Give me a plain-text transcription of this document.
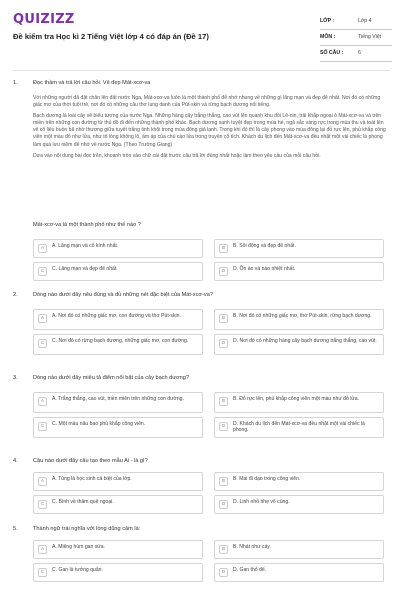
QUIZIZZ
Đề kiểm tra Học kì 2 Tiếng Việt lớp 4 có đáp án (Đề 17)
LỚP :	Lớp 4
MÔN :	Tiếng Việt
SỐ CÂU :	6
1.	Đọc thầm và trả lời câu hỏi. Vẻ đẹp Mát-xcơ-va

Với những người đã đặt chân lên đất nước Nga, Mát-xcơ-va luôn là một thành phố để nhớ nhung về những gì lãng mạn và đẹp đẽ nhất. Nơi đó có những giấc mơ của thời tuổi trẻ, nơi đó có những câu thơ lung danh của Pút-skin và rừng bạch dương nổi tiếng.

Bạch dương là loài cây vẽ biểu tượng của nước Nga. Những hàng cây trắng thẳng, cao vút lên quanh khu đồi Lê-nin, trải khắp ngoại ô Mát-xcơ-va và trên miền trên những con đường từ thủ đô đi đến những thành phố khác. Bạch dương xanh tuyệt đẹp trong mùa hè, ngả sắc vàng rực trong mùa thu và toát lên vẻ cô liêu buồn bã nhờ thương giữa tuyết trắng tinh khôi trong mùa đông giá lạnh. Trong khi đó thì là cây phong vào mùa đông lại đỏ rực lên, phủ khắp công viên một màu đỏ như lửa, như tô lòng không lô, ấm áp của chú cào lửa trong truyện cổ tích. Khách du lịch đến Mát-xcơ-va đều nhật một vài chiếc lá phong làm quà lưu niệm để nhớ về nước Nga. (Theo Trường Giang)

Dựa vào nội dung bài đọc trên, khoanh tròn vào chữ cái đặt trước câu trả lời đúng nhất hoặc làm theo yêu cầu của mỗi câu hỏi.

Mát-xcơ-va là một thành phố như thế nào ?
A	A. Lãng mạn và cổ kính nhất.	B	B. Sôi động và đẹp đẽ nhất.
C	C. Lãng mạn và đẹp đẽ nhất.	D	D. Ồn ào và náo nhiệt nhất.
2.	Dòng nào dưới đây nêu đúng và đủ những nét đặc biệt của Mát-xcơ-va?
A	A. Nơi đó có những giấc mơ, con đường và thơ Pút-skin.	B	B. Nơi đó có những giấc mơ, thơ Pút-skin, rừng bạch dương.
C	C. Nơi đó có rừng bạch dương, những giấc mơ, con đường.	D	D. Nơi đó có những hàng cây bạch dương trắng thẳng, cao vút.
3.	Dòng nào dưới đây miêu tả điểm nổi bật của cây bạch dương?
A	A. Trắng thẳng, cao vút, triền miên trên những con đường.	B	B. Đỏ rực lên, phủ khắp công viên một màu như đỏ lửa.
C	C. Một màu nâu bao phủ khắp công viên.	D	D. Khách du lịch đến Mát-xcơ-va đều nhặt một vài chiếc lá phong.
4.	Câu nào dưới đây câu tạo theo mẫu Ai - là gì?
A	A. Tùng là học sinh cá biệt của lớp.	B	B. Mai đi dạo trong công viên.
C	C. Bính về thăm quê ngoại.	D	D. Linh nhỏ nhẹ vô cùng.
5.	Thành ngữ trái nghĩa với lòng dũng cảm là:
A	A. Miệng hùm gan sứa.	B	B. Nhát như cáy.
C	C. Gan là tướng quân.	D	D. Gan thỏ đế.
